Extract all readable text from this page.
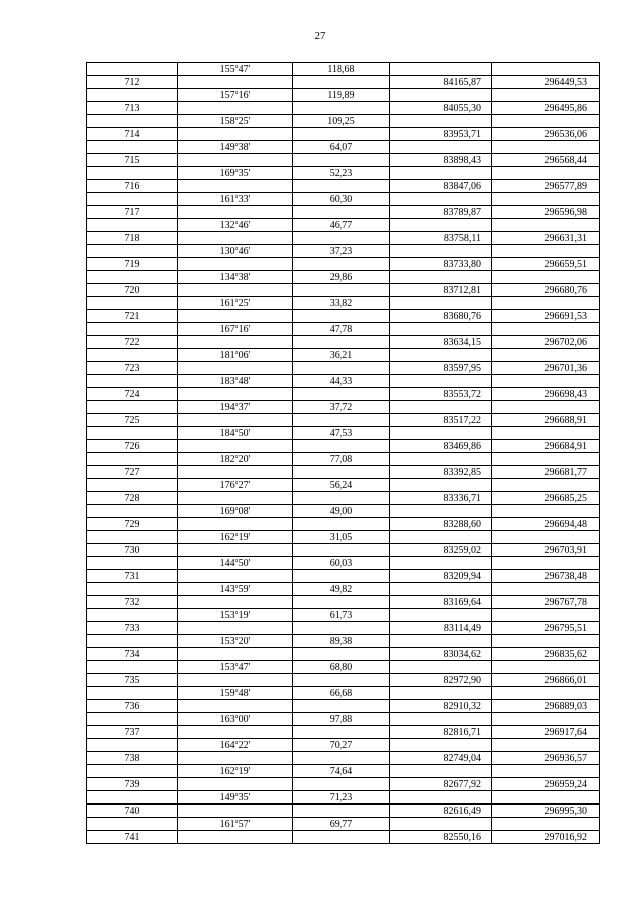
27
	155°47'	118,68		
712			84165,87	296449,53
	157°16'	119,89		
713			84055,30	296495,86
	158°25'	109,25		
714			83953,71	296536,06
	149°38'	64,07		
715			83898,43	296568,44
	169°35'	52,23		
716			83847,06	296577,89
	161°33'	60,30		
717			83789,87	296596,98
	132°46'	46,77		
718			83758,11	296631,31
	130°46'	37,23		
719			83733,80	296659,51
	134°38'	29,86		
720			83712,81	296680,76
	161°25'	33,82		
721			83680,76	296691,53
	167°16'	47,78		
722			83634,15	296702,06
	181°06'	36,21		
723			83597,95	296701,36
	183°48'	44,33		
724			83553,72	296698,43
	194°37'	37,72		
725			83517,22	296688,91
	184°50'	47,53		
726			83469,86	296684,91
	182°20'	77,08		
727			83392,85	296681,77
	176°27'	56,24		
728			83336,71	296685,25
	169°08'	49,00		
729			83288,60	296694,48
	162°19'	31,05		
730			83259,02	296703,91
	144°50'	60,03		
731			83209,94	296738,48
	143°59'	49,82		
732			83169,64	296767,78
	153°19'	61,73		
733			83114,49	296795,51
	153°20'	89,38		
734			83034,62	296835,62
	153°47'	68,80		
735			82972,90	296866,01
	159°48'	66,68		
736			82910,32	296889,03
	163°00'	97,88		
737			82816,71	296917,64
	164°22'	70,27		
738			82749,04	296936,57
	162°19'	74,64		
739			82677,92	296959,24
	149°35'	71,23		
740			82616,49	296995,30
	161°57'	69,77		
741			82550,16	297016,92
